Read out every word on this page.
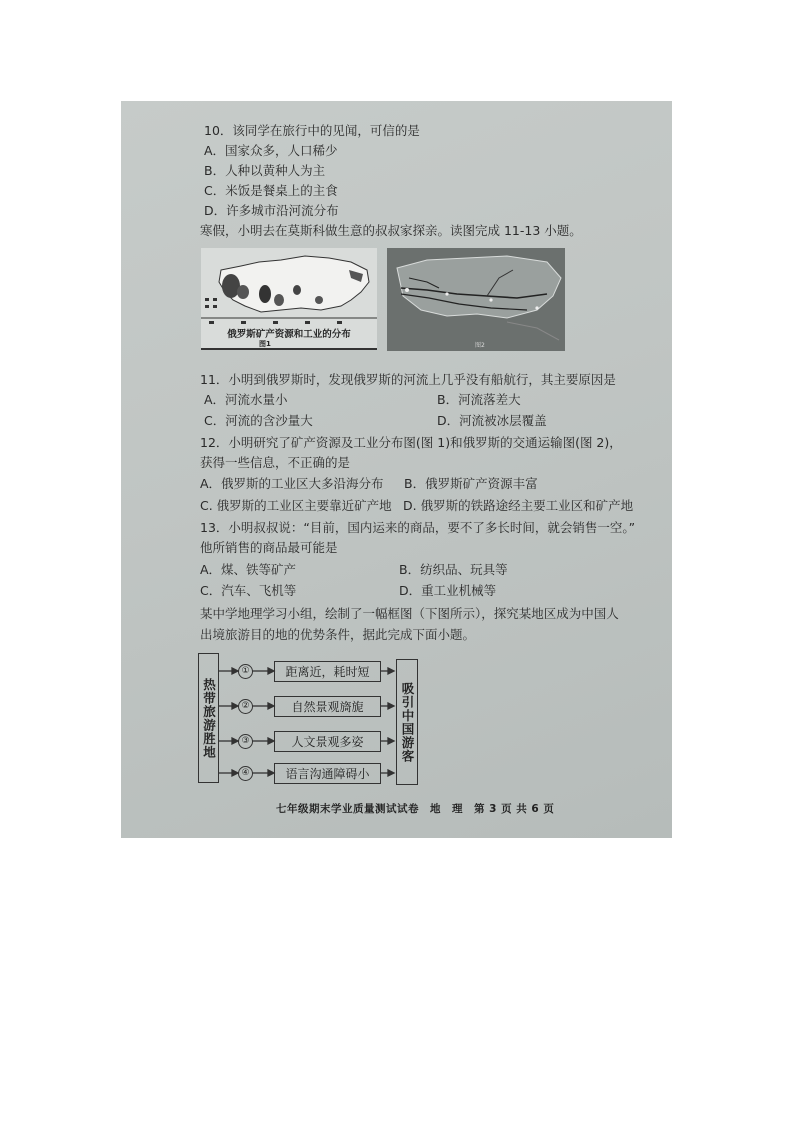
10．该同学在旅行中的见闻，可信的是
A．国家众多，人口稀少
B．人种以黄种人为主
C．米饭是餐桌上的主食
D．许多城市沿河流分布
寒假，小明去在莫斯科做生意的叔叔家探亲。读图完成 11-13 小题。
俄罗斯矿产资源和工业的分布
图1	图2
11．小明到俄罗斯时，发现俄罗斯的河流上几乎没有船航行，其主要原因是
A．河流水量小	B．河流落差大
C．河流的含沙量大	D．河流被冰层覆盖
12．小明研究了矿产资源及工业分布图(图 1)和俄罗斯的交通运输图(图 2)，
获得一些信息，不正确的是
A．俄罗斯的工业区大多沿海分布 B．俄罗斯矿产资源丰富
C. 俄罗斯的工业区主要靠近矿产地 D. 俄罗斯的铁路途经主要工业区和矿产地
13．小明叔叔说：“目前，国内运来的商品，要不了多长时间，就会销售一空。”
他所销售的商品最可能是
A．煤、铁等矿产	B．纺织品、玩具等
C．汽车、飞机等	D．重工业机械等
某中学地理学习小组，绘制了一幅框图（下图所示），探究某地区成为中国人
出境旅游目的地的优势条件，据此完成下面小题。
热带旅游胜地	吸引中国游客
①
②
③
④
距离近，耗时短
自然景观旖旎
人文景观多姿
语言沟通障碍小
七年级期末学业质量测试试卷　地　理　第 3 页 共 6 页
